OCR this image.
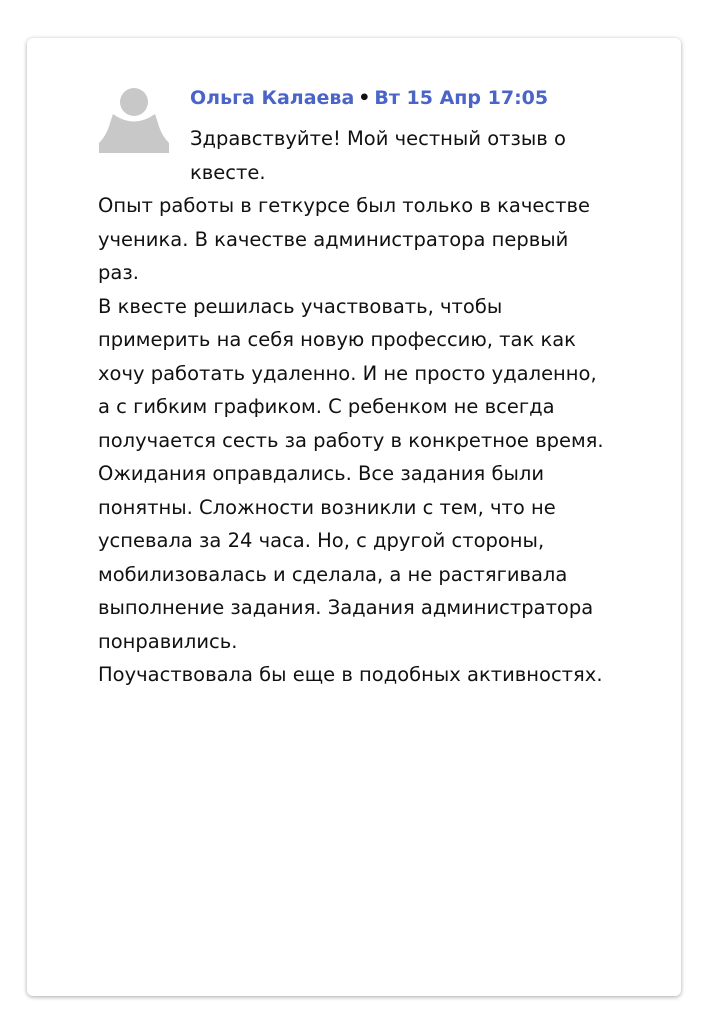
Ольга Калаева • Вт 15 Апр 17:05
Здравствуйте! Мой честный отзыв о
квесте.
Опыт работы в геткурсе был только в качестве
ученика. В качестве администратора первый
раз.
В квесте решилась участвовать, чтобы
примерить на себя новую профессию, так как
хочу работать удаленно. И не просто удаленно,
а с гибким графиком. С ребенком не всегда
получается сесть за работу в конкретное время.
Ожидания оправдались. Все задания были
понятны. Сложности возникли с тем, что не
успевала за 24 часа. Но, с другой стороны,
мобилизовалась и сделала, а не растягивала
выполнение задания. Задания администратора
понравились.
Поучаствовала бы еще в подобных активностях.
